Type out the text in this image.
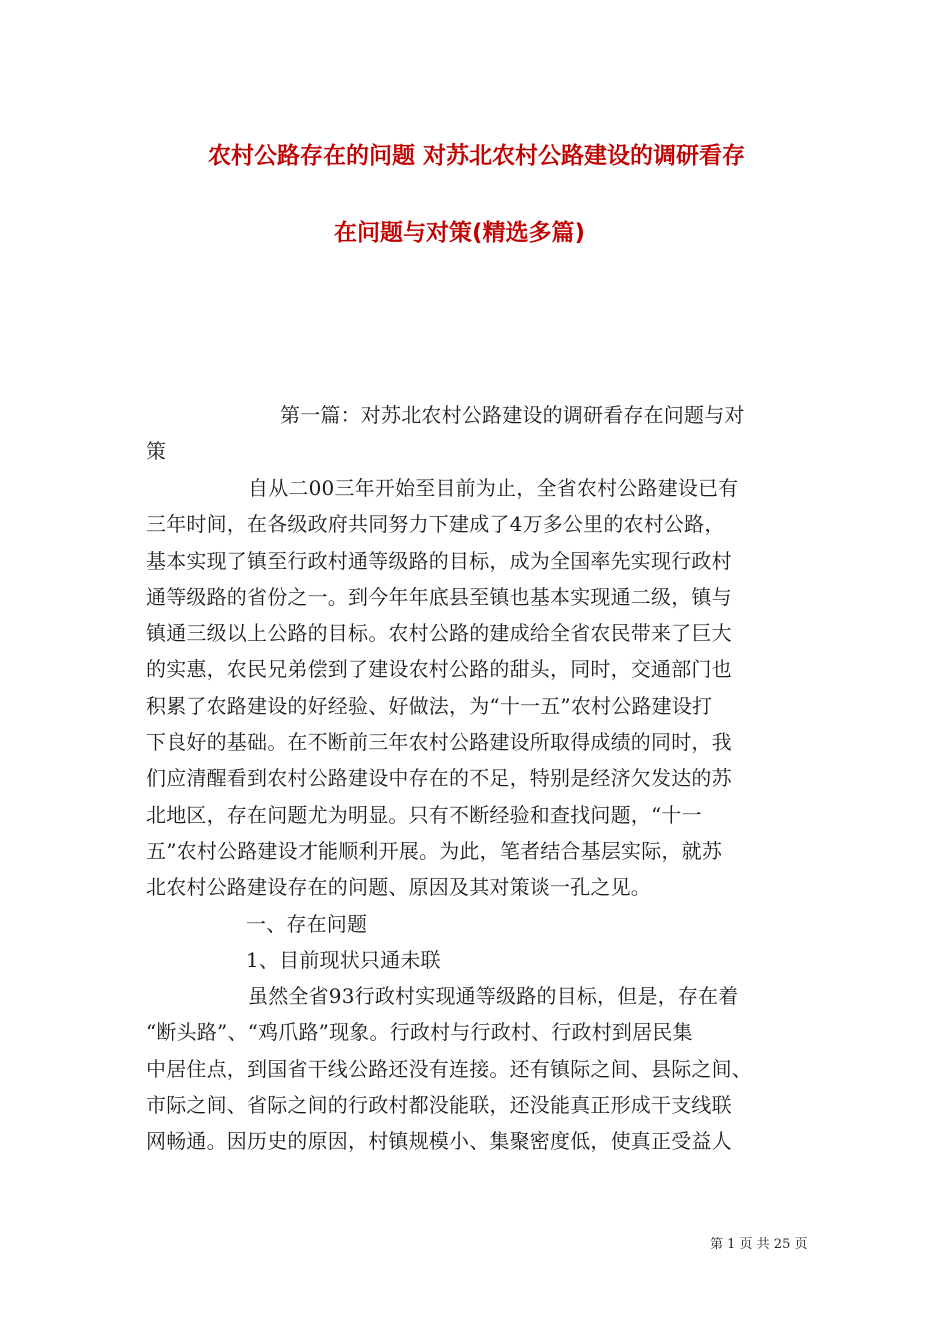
农村公路存在的问题 对苏北农村公路建设的调研看存
在问题与对策(精选多篇)
第一篇：对苏北农村公路建设的调研看存在问题与对
策
自从二00三年开始至目前为止，全省农村公路建设已有
三年时间，在各级政府共同努力下建成了4万多公里的农村公路，
基本实现了镇至行政村通等级路的目标，成为全国率先实现行政村
通等级路的省份之一。到今年年底县至镇也基本实现通二级，镇与
镇通三级以上公路的目标。农村公路的建成给全省农民带来了巨大
的实惠，农民兄弟偿到了建设农村公路的甜头，同时，交通部门也
积累了农路建设的好经验、好做法，为“十一五”农村公路建设打
下良好的基础。在不断前三年农村公路建设所取得成绩的同时，我
们应清醒看到农村公路建设中存在的不足，特别是经济欠发达的苏
北地区，存在问题尤为明显。只有不断经验和查找问题，“十一
五”农村公路建设才能顺利开展。为此，笔者结合基层实际，就苏
北农村公路建设存在的问题、原因及其对策谈一孔之见。
一、存在问题
1、目前现状只通未联
虽然全省93行政村实现通等级路的目标，但是，存在着
“断头路”、“鸡爪路”现象。行政村与行政村、行政村到居民集
中居住点，到国省干线公路还没有连接。还有镇际之间、县际之间、
市际之间、省际之间的行政村都没能联，还没能真正形成干支线联
网畅通。因历史的原因，村镇规模小、集聚密度低，使真正受益人
第 1 页 共 25 页
